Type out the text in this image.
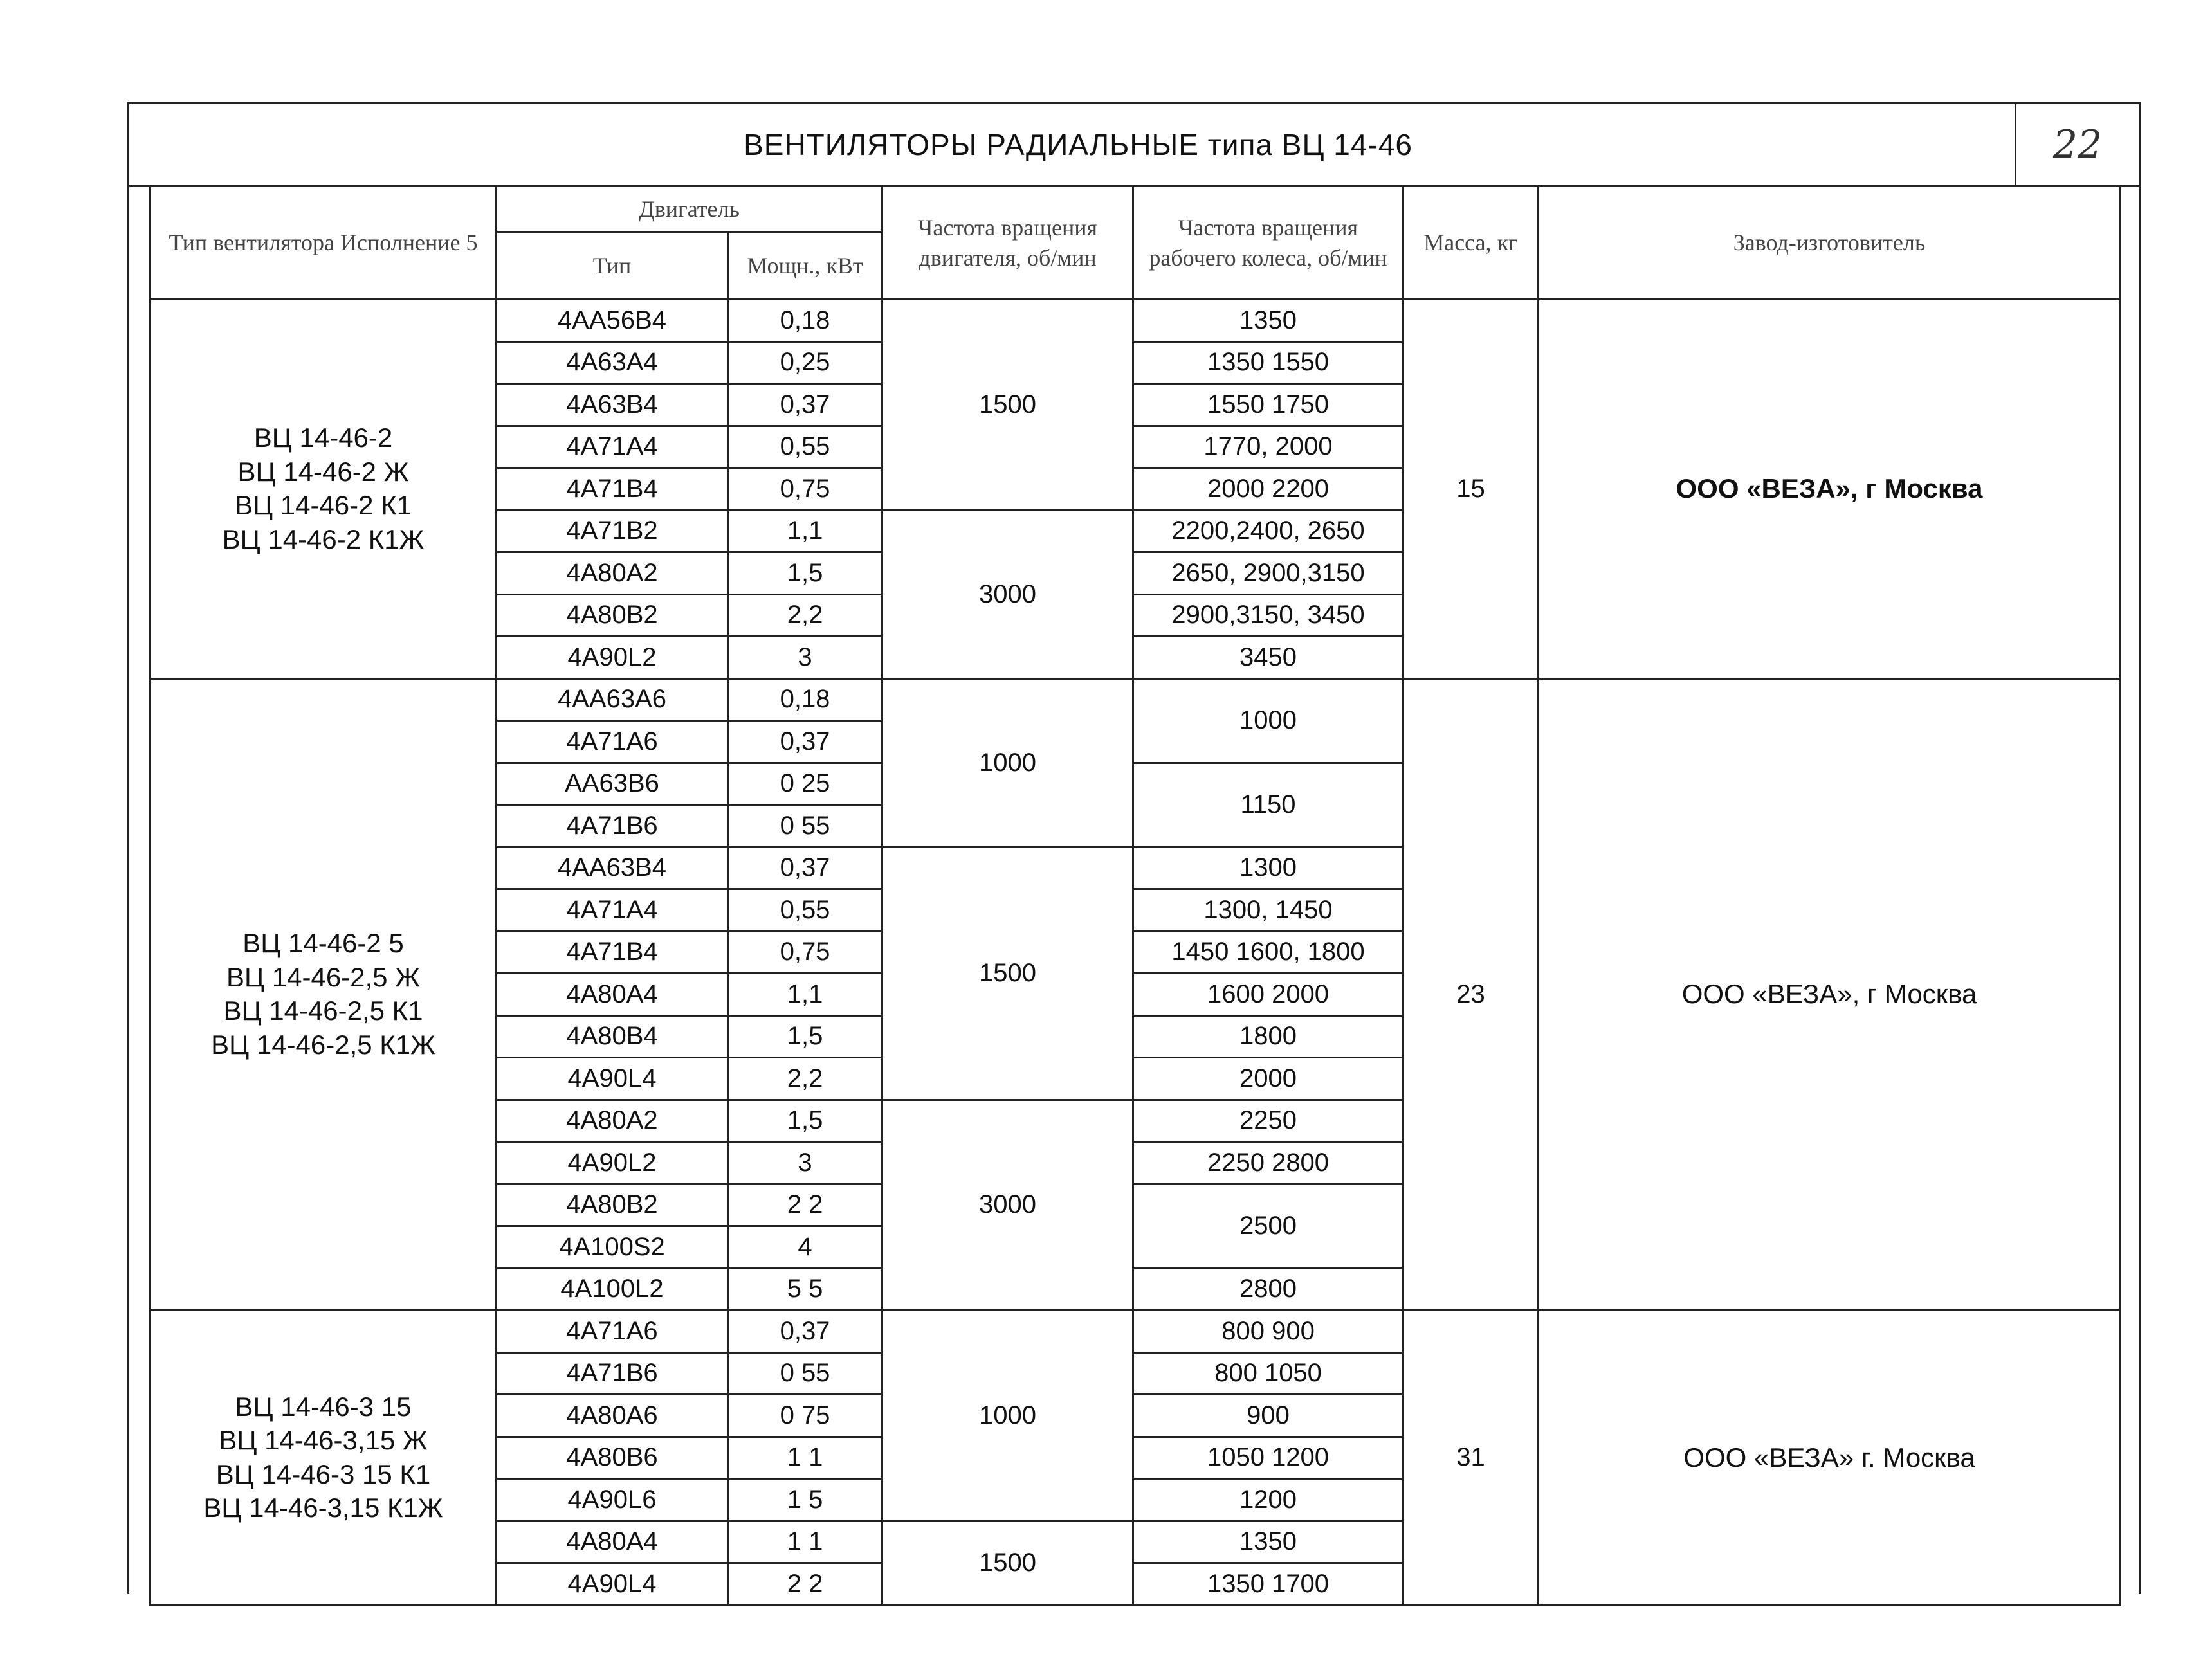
ВЕНТИЛЯТОРЫ РАДИАЛЬНЫЕ типа ВЦ 14-46	22
Тип вентилятора Исполнение 5	Двигатель		Частота вращения двигателя, об/мин	Частота вращения рабочего колеса, об/мин	Масса, кг	Завод-изготовитель
	Тип	Мощн., кВт				

ВЦ 14-46-2
ВЦ 14-46-2 Ж
ВЦ 14-46-2 К1
ВЦ 14-46-2 К1Ж	4АА56В4	0,18	1500	1350	15	ООО «ВЕЗА», г Москва
	4А63А4	0,25		1350 1550		
	4А63В4	0,37		1550 1750		
	4А71А4	0,55		1770, 2000		
	4А71В4	0,75		2000 2200		
	4А71В2	1,1	3000	2200,2400, 2650		
	4А80А2	1,5		2650, 2900,3150		
	4А80В2	2,2		2900,3150, 3450		
	4А90L2	3		3450		

ВЦ 14-46-2 5
ВЦ 14-46-2,5 Ж
ВЦ 14-46-2,5 К1
ВЦ 14-46-2,5 К1Ж	4АА63А6	0,18	1000	1000	23	ООО «ВЕЗА», г Москва
	4А71А6	0,37				
	АА63В6	0 25		1150		
	4А71В6	0 55				
	4АА63В4	0,37	1500	1300		
	4А71А4	0,55		1300, 1450		
	4А71В4	0,75		1450 1600, 1800		
	4А80А4	1,1		1600 2000		
	4А80В4	1,5		1800		
	4А90L4	2,2		2000		
	4А80А2	1,5	3000	2250		
	4А90L2	3		2250 2800		
	4А80В2	2 2		2500		
	4А100S2	4				
	4А100L2	5 5		2800		

ВЦ 14-46-3 15
ВЦ 14-46-3,15 Ж
ВЦ 14-46-3 15 К1
ВЦ 14-46-3,15 К1Ж	4А71А6	0,37	1000	800 900	31	ООО «ВЕЗА» г. Москва
	4А71В6	0 55		800 1050		
	4А80А6	0 75		900		
	4А80В6	1 1		1050 1200		
	4А90L6	1 5		1200		
	4А80А4	1 1	1500	1350		
	4А90L4	2 2		1350 1700		
